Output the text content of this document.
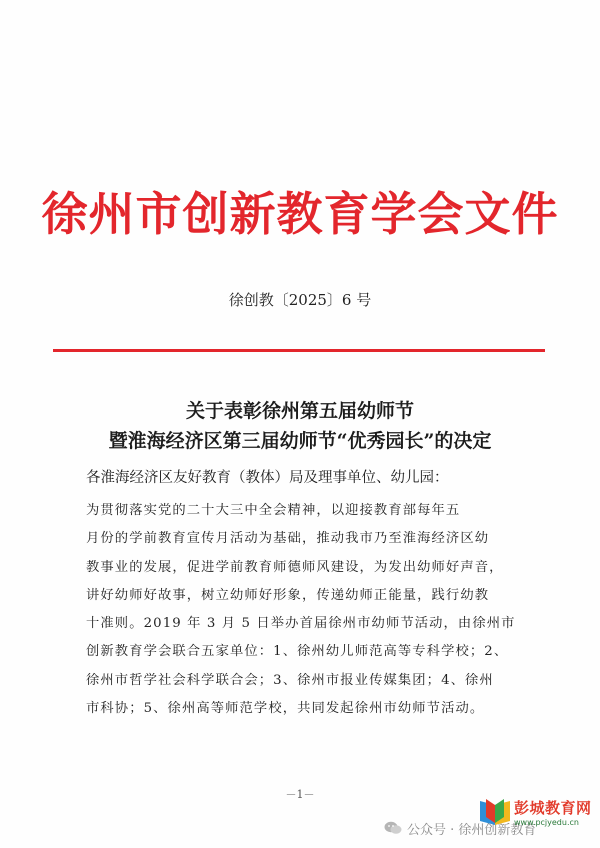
徐州市创新教育学会文件
徐创教〔2025〕6 号
关于表彰徐州第五届幼师节
暨淮海经济区第三届幼师节“优秀园长”的决定
各淮海经济区友好教育（教体）局及理事单位、幼儿园：
为贯彻落实党的二十大三中全会精神，以迎接教育部每年五
月份的学前教育宣传月活动为基础，推动我市乃至淮海经济区幼
教事业的发展，促进学前教育师德师风建设，为发出幼师好声音，
讲好幼师好故事，树立幼师好形象，传递幼师正能量，践行幼教
十准则。2019 年 3 月 5 日举办首届徐州市幼师节活动，由徐州市
创新教育学会联合五家单位：1、徐州幼儿师范高等专科学校；2、
徐州市哲学社会科学联合会；3、徐州市报业传媒集团；4、徐州
市科协；5、徐州高等师范学校，共同发起徐州市幼师节活动。
－1－
公众号 · 徐州创新教育
彭城教育网
www.pcjyedu.cn
